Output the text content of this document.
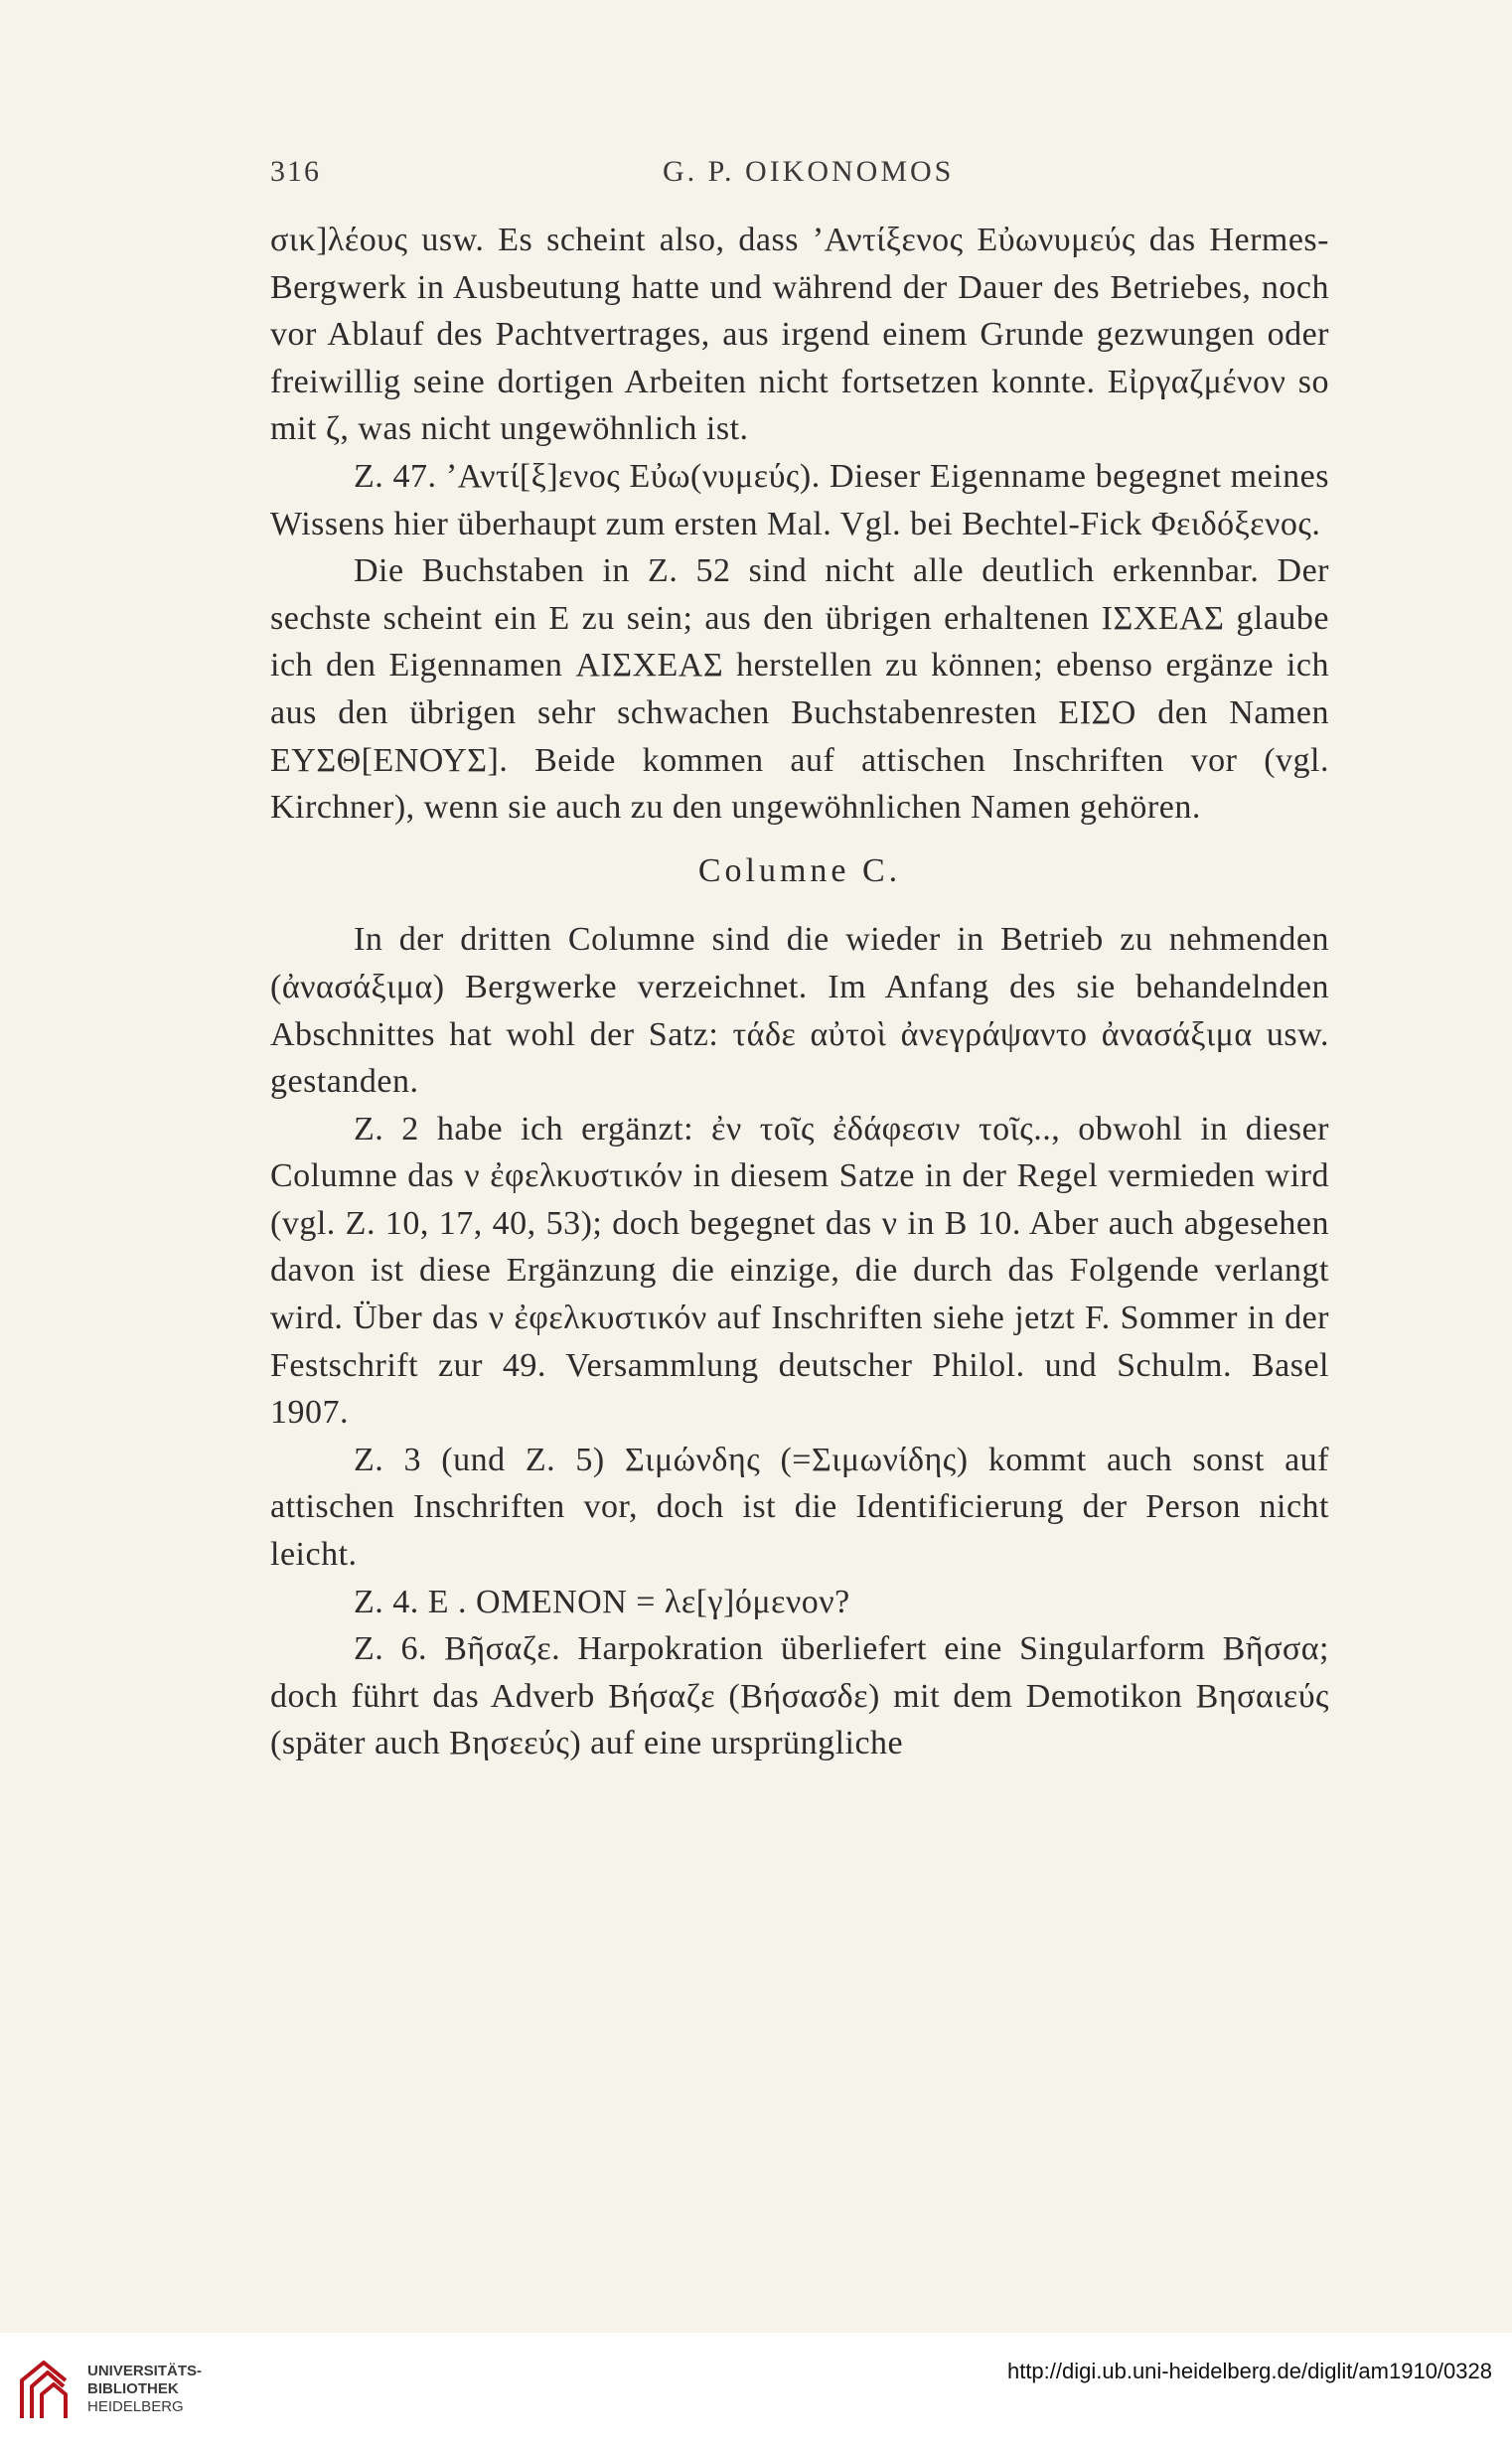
316	G. P. OIKONOMOS

σικ]λέους usw. Es scheint also, dass ʼΑντίξενος Εὐωνυμεύς das Hermes-Bergwerk in Ausbeutung hatte und während der Dauer des Betriebes, noch vor Ablauf des Pachtvertrages, aus irgend einem Grunde gezwungen oder freiwillig seine dortigen Arbeiten nicht fortsetzen konnte. Εἰργαζμένον so mit ζ, was nicht ungewöhnlich ist.

Z. 47. ʼΑντί[ξ]ενος Εὐω(νυμεύς). Dieser Eigenname begegnet meines Wissens hier überhaupt zum ersten Mal. Vgl. bei Bechtel-Fick Φειδόξενος.

Die Buchstaben in Z. 52 sind nicht alle deutlich erkennbar. Der sechste scheint ein Ε zu sein; aus den übrigen erhaltenen ΙΣΧΕΑΣ glaube ich den Eigennamen ΑΙΣΧΕΑΣ herstellen zu können; ebenso ergänze ich aus den übrigen sehr schwachen Buchstabenresten ΕΙΣΟ den Namen ΕΥΣΘ[ΕΝΟΥΣ]. Beide kommen auf attischen Inschriften vor (vgl. Kirchner), wenn sie auch zu den ungewöhnlichen Namen gehören.

Columne C.

In der dritten Columne sind die wieder in Betrieb zu nehmenden (ἀνασάξιμα) Bergwerke verzeichnet. Im Anfang des sie behandelnden Abschnittes hat wohl der Satz: τάδε αὐτοὶ ἀνεγράψαντο ἀνασάξιμα usw. gestanden.

Z. 2 habe ich ergänzt: ἐν τοῖς ἐδάφεσιν τοῖς.., obwohl in dieser Columne das ν ἐφελκυστικόν in diesem Satze in der Regel vermieden wird (vgl. Z. 10, 17, 40, 53); doch begegnet das ν in B 10. Aber auch abgesehen davon ist diese Ergänzung die einzige, die durch das Folgende verlangt wird. Über das ν ἐφελκυστικόν auf Inschriften siehe jetzt F. Sommer in der Festschrift zur 49. Versammlung deutscher Philol. und Schulm. Basel 1907.

Z. 3 (und Z. 5) Σιμώνδης (=Σιμωνίδης) kommt auch sonst auf attischen Inschriften vor, doch ist die Identificierung der Person nicht leicht.

Z. 4. Ε . ΟΜΕΝΟΝ = λε[γ]όμενον?

Z. 6. Βῆσαζε. Harpokration überliefert eine Singularform Βῆσσα; doch führt das Adverb Βήσαζε (Βήσασδε) mit dem Demotikon Βησαιεύς (später auch Βησεεύς) auf eine ursprüngliche

UNIVERSITÄTS-
BIBLIOTHEK
HEIDELBERG
http://digi.ub.uni-heidelberg.de/diglit/am1910/0328
